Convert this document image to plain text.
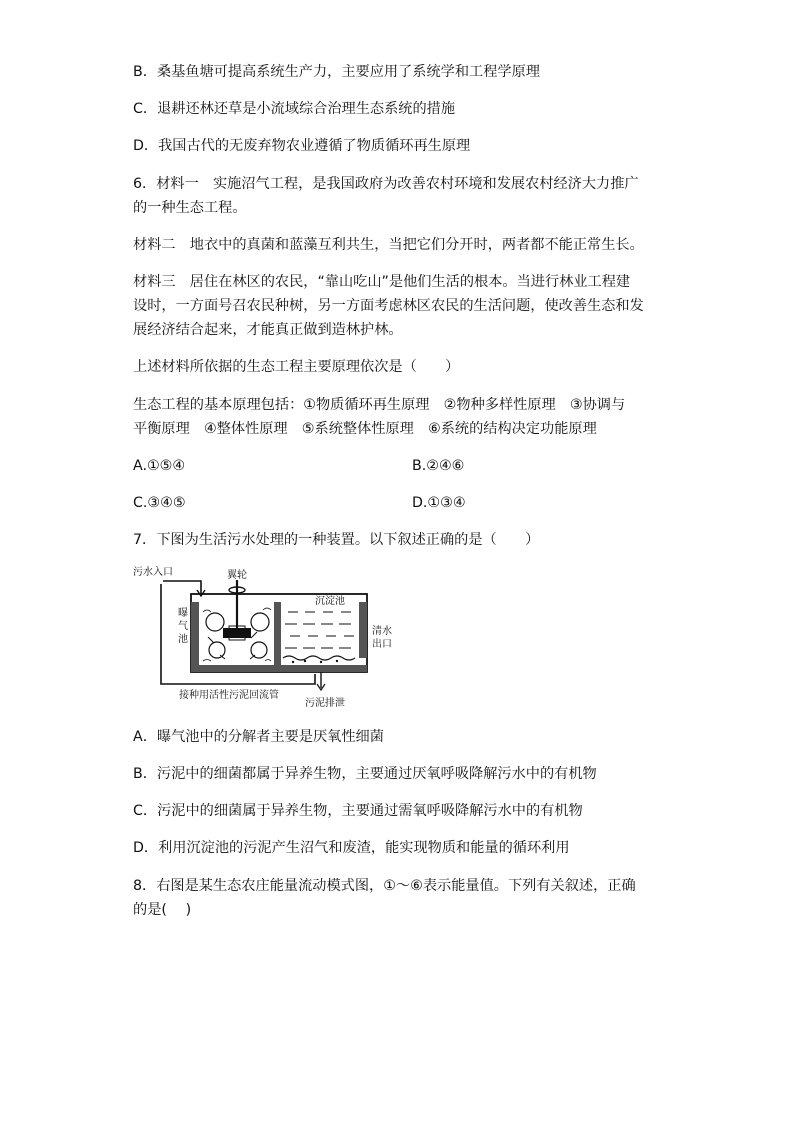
B．桑基鱼塘可提高系统生产力，主要应用了系统学和工程学原理
C．退耕还林还草是小流域综合治理生态系统的措施
D．我国古代的无废弃物农业遵循了物质循环再生原理
6．材料一　实施沼气工程，是我国政府为改善农村环境和发展农村经济大力推广
的一种生态工程。
材料二　地衣中的真菌和蓝藻互利共生，当把它们分开时，两者都不能正常生长。
材料三　居住在林区的农民，“靠山吃山”是他们生活的根本。当进行林业工程建
设时，一方面号召农民种树，另一方面考虑林区农民的生活问题，使改善生态和发
展经济结合起来，才能真正做到造林护林。
上述材料所依据的生态工程主要原理依次是（　　）
生态工程的基本原理包括：①物质循环再生原理　②物种多样性原理　③协调与
平衡原理　④整体性原理　⑤系统整体性原理　⑥系统的结构决定功能原理
A.①⑤④	B.②④⑥
C.③④⑤	D.①③④
7．下图为生活污水处理的一种装置。以下叙述正确的是（　　）
污水入口
接种用活性污泥回流管
翼轮
曝气池
沉淀池
清水出口
污泥排泄
A．曝气池中的分解者主要是厌氧性细菌
B．污泥中的细菌都属于异养生物，主要通过厌氧呼吸降解污水中的有机物
C．污泥中的细菌属于异养生物，主要通过需氧呼吸降解污水中的有机物
D．利用沉淀池的污泥产生沼气和废渣，能实现物质和能量的循环利用
8．右图是某生态农庄能量流动模式图，①～⑥表示能量值。下列有关叙述，正确
的是(　 )
